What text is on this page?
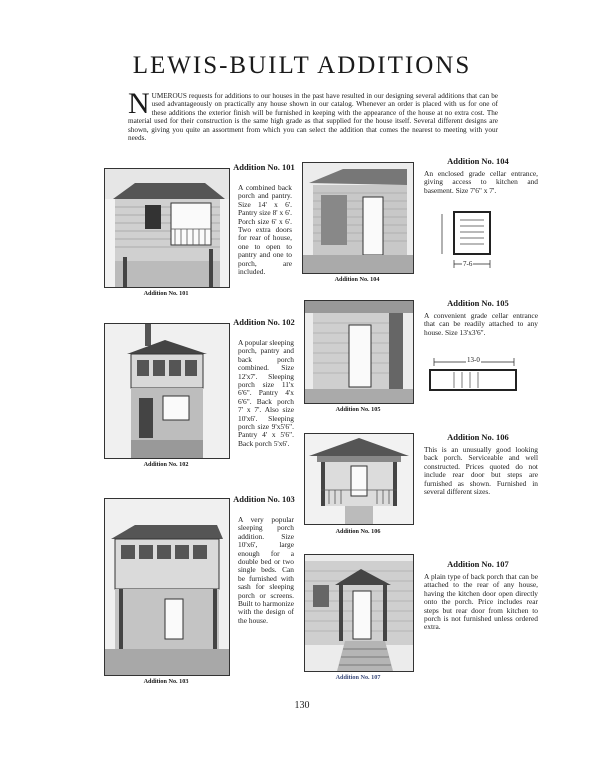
LEWIS-BUILT ADDITIONS
NUMEROUS requests for additions to our houses in the past have resulted in our designing several additions that can be used advantageously on practically any house shown in our catalog. Whenever an order is placed with us for one of these additions the exterior finish will be furnished in keeping with the appearance of the house at no extra cost. The material used for their construction is the same high grade as that supplied for the house itself. Several different designs are shown, giving you quite an assortment from which you can select the addition that comes the nearest to meeting with your needs.
Addition No. 101
Addition No. 101
A combined back porch and pantry. Size 14' x 6'. Pantry size 8' x 6'. Porch size 6' x 6'. Two extra doors for rear of house, one to open to pantry and one to porch, are included.
Addition No. 104
Addition No. 104
An enclosed grade cellar entrance, giving access to kitchen and basement. Size 7'6" x 7'.
7-6
Addition No. 102
Addition No. 102
A popular sleeping porch, pantry and back porch combined. Size 12'x7'. Sleeping porch size 11'x 6'6". Pantry 4'x 6'6". Back porch 7' x 7'. Also size 10'x6'. Sleeping porch size 9'x5'6". Pantry 4' x 5'6". Back porch 5'x6'.
Addition No. 105
Addition No. 105
A convenient grade cellar entrance that can be readily attached to any house. Size 13'x3'6".
13-0
Addition No. 106
Addition No. 106
This is an unusually good looking back porch. Serviceable and well constructed. Prices quoted do not include rear door but steps are furnished as shown. Furnished in several different sizes.
Addition No. 103
Addition No. 103
A very popular sleeping porch addition. Size 10'x6', large enough for a double bed or two single beds. Can be furnished with sash for sleeping porch or screens. Built to harmonize with the design of the house.
Addition No. 107
Addition No. 107
A plain type of back porch that can be attached to the rear of any house, having the kitchen door open directly onto the porch. Price includes rear steps but rear door from kitchen to porch is not furnished unless ordered extra.
130
